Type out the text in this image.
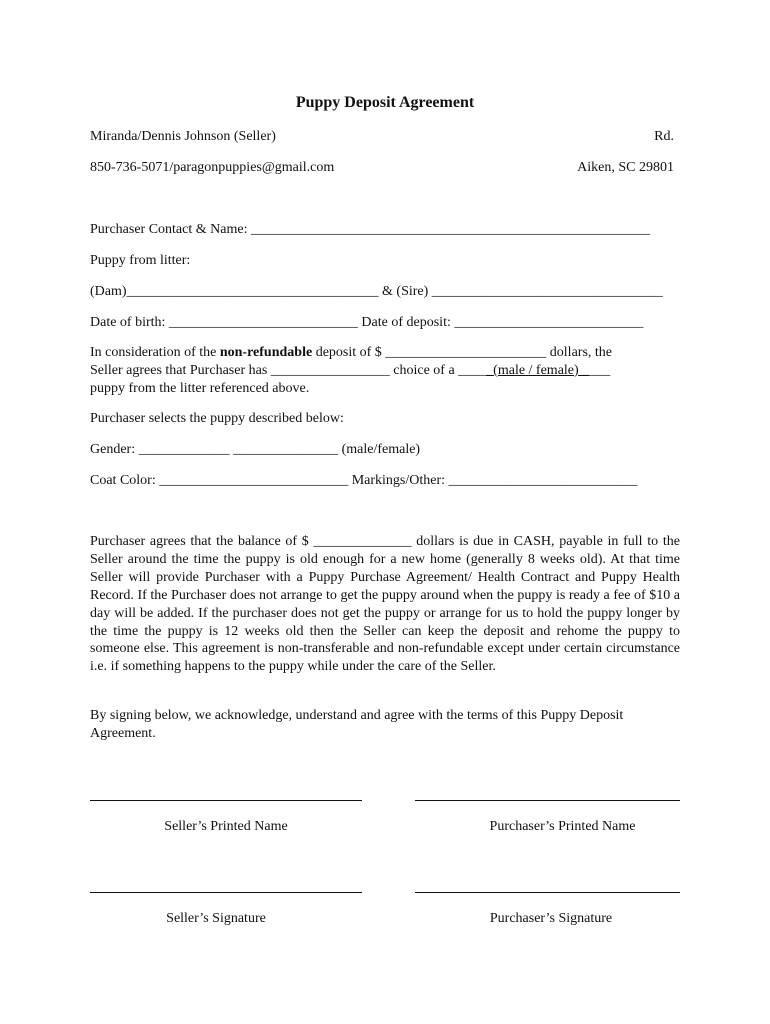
Puppy Deposit Agreement
Miranda/Dennis Johnson (Seller)	Rd.
850-736-5071/paragonpuppies@gmail.com	Aiken, SC 29801
Purchaser Contact & Name: _________________________________________________________
Puppy from litter:
(Dam)____________________________________ & (Sire) _________________________________
Date of birth: ___________________________ Date of deposit: ___________________________
In consideration of the non-refundable deposit of $ _______________________ dollars, the
Seller agrees that Purchaser has _________________ choice of a _____(male / female) ____
puppy from the litter referenced above.
Purchaser selects the puppy described below:
Gender: _____________ _______________ (male/female)
Coat Color: ___________________________ Markings/Other: ___________________________
Purchaser agrees that the balance of $ ______________ dollars is due in CASH, payable in full to the Seller around the time the puppy is old enough for a new home (generally 8 weeks old). At that time Seller will provide Purchaser with a Puppy Purchase Agreement/ Health Contract and Puppy Health Record. If the Purchaser does not arrange to get the puppy around when the puppy is ready a fee of $10 a day will be added. If the purchaser does not get the puppy or arrange for us to hold the puppy longer by the time the puppy is 12 weeks old then the Seller can keep the deposit and rehome the puppy to someone else. This agreement is non-transferable and non-refundable except under certain circumstance i.e. if something happens to the puppy while under the care of the Seller.
By signing below, we acknowledge, understand and agree with the terms of this Puppy Deposit Agreement.
Seller’s Printed Name	Purchaser’s Printed Name
Seller’s Signature	Purchaser’s Signature
